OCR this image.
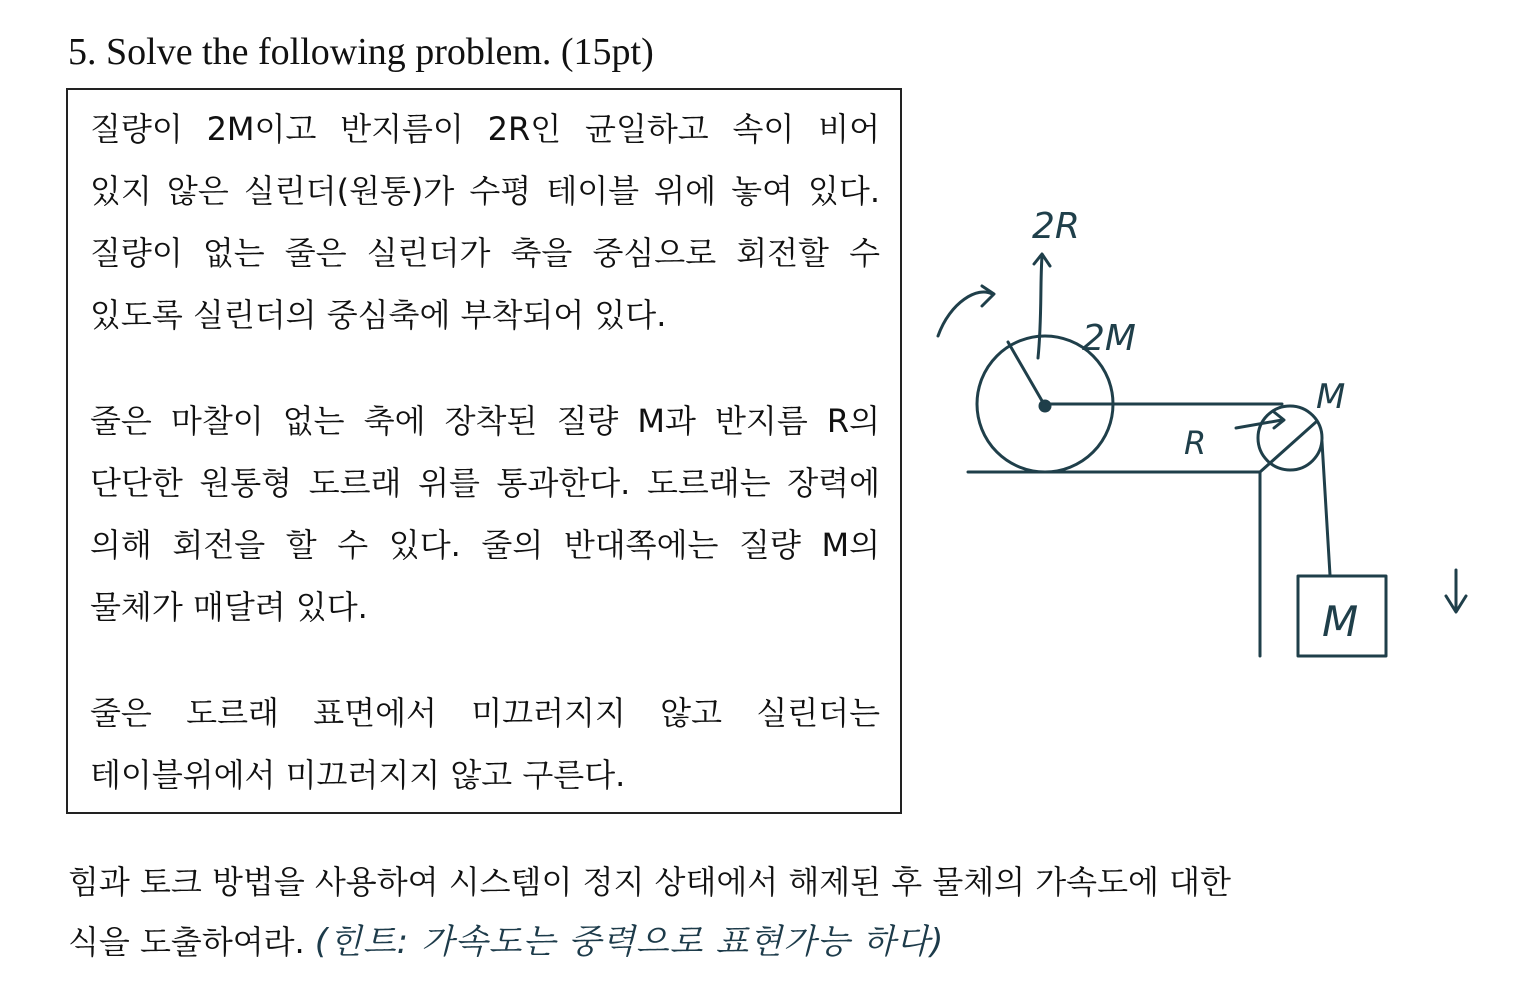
5. Solve the following problem. (15pt)

질량이 2M이고 반지름이 2R인 균일하고 속이 비어
있지 않은 실린더(원통)가 수평 테이블 위에 놓여 있다.
질량이 없는 줄은 실린더가 축을 중심으로 회전할 수
있도록 실린더의 중심축에 부착되어 있다.

줄은 마찰이 없는 축에 장착된 질량 M과 반지름 R의
단단한 원통형 도르래 위를 통과한다. 도르래는 장력에
의해 회전을 할 수 있다. 줄의 반대쪽에는 질량 M의
물체가 매달려 있다.

줄은 도르래 표면에서 미끄러지지 않고 실린더는
테이블위에서 미끄러지지 않고 구른다.

2R
2M
M
R
M

힘과 토크 방법을 사용하여 시스템이 정지 상태에서 해제된 후 물체의 가속도에 대한
식을 도출하여라. (힌트: 가속도는 중력으로 표현가능 하다)
